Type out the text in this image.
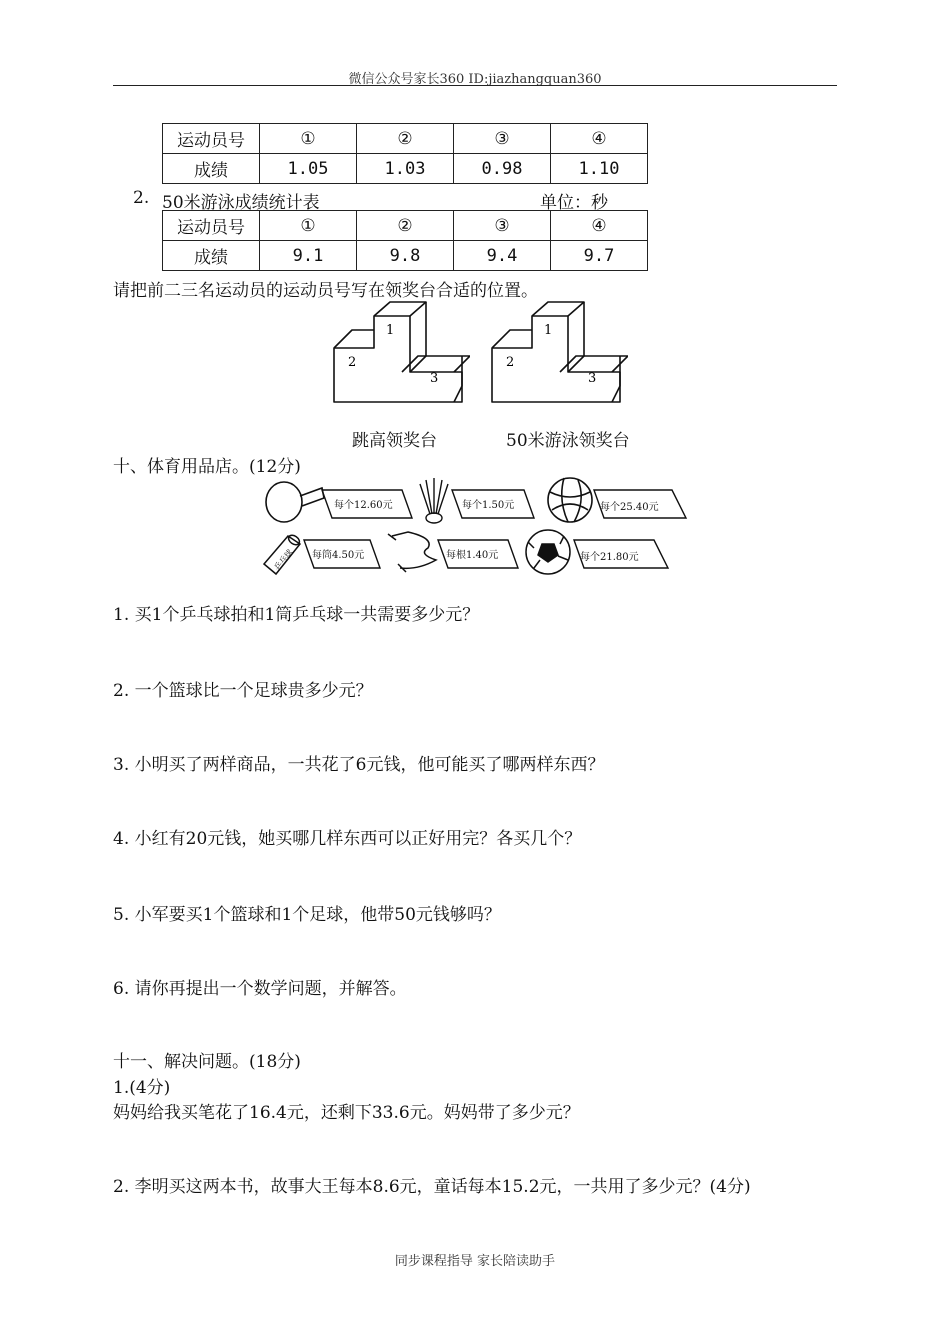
微信公众号家长360 ID:jiazhangquan360
运动员号	①	②	③	④
成绩	1.05	1.03	0.98	1.10
2. 50米游泳成绩统计表	单位：秒
运动员号	①	②	③	④
成绩	9.1	9.8	9.4	9.7
请把前二三名运动员的运动员号写在领奖台合适的位置。
1
2
3
跳高领奖台
1
2
3
50米游泳领奖台
十、体育用品店。(12分)
每个12.60元	每个1.50元	每个25.40元
乒乓球 每筒4.50元	每根1.40元	每个21.80元
1. 买1个乒乓球拍和1筒乒乓球一共需要多少元？
2. 一个篮球比一个足球贵多少元？
3. 小明买了两样商品，一共花了6元钱，他可能买了哪两样东西？
4. 小红有20元钱，她买哪几样东西可以正好用完？各买几个？
5. 小军要买1个篮球和1个足球，他带50元钱够吗？
6. 请你再提出一个数学问题，并解答。
十一、解决问题。(18分)
1.(4分)
妈妈给我买笔花了16.4元，还剩下33.6元。妈妈带了多少元？
2. 李明买这两本书，故事大王每本8.6元，童话每本15.2元，一共用了多少元？(4分)
同步课程指导 家长陪读助手
